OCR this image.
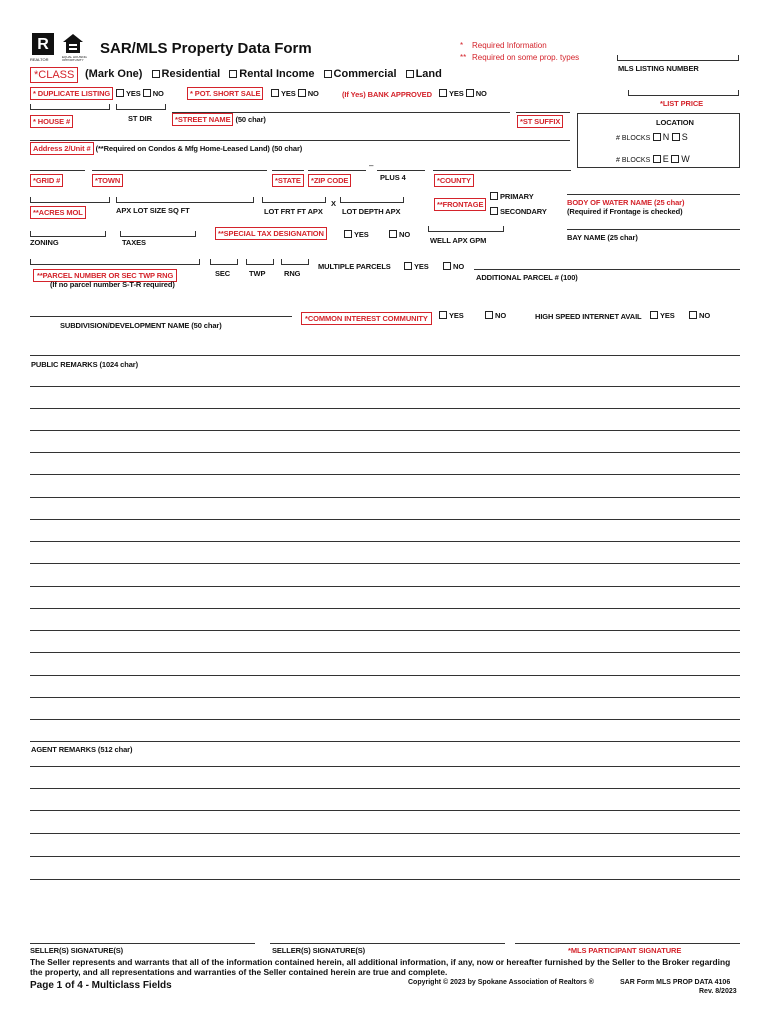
R
REALTOR	EQUAL HOUSING OPPORTUNITY
SAR/MLS Property Data Form	* Required Information
** Required on some prop. types
MLS LISTING NUMBER
*CLASS (Mark One) Residential Rental Income Commercial Land
* DUPLICATE LISTING	YES NO	* POT. SHORT SALE	YES NO	(If Yes) BANK APPROVED	YES NO
*LIST PRICE
* HOUSE #	ST DIR	*STREET NAME (50 char)	*ST SUFFIX	LOCATION
# BLOCKS N S
# BLOCKS E W
Address 2/Unit # (**Required on Condos & Mfg Home-Leased Land) (50 char)
*GRID #	*TOWN	*STATE	*ZIP CODE
–
PLUS 4	*COUNTY
**ACRES MOL	APX LOT SIZE SQ FT	LOT FRT FT APX
X
LOT DEPTH APX
**FRONTAGE
PRIMARY
SECONDARY
BODY OF WATER NAME (25 char)
(Required if Frontage is checked)
ZONING	TAXES
**SPECIAL TAX DESIGNATION	YES	NO
WELL APX GPM	BAY NAME (25 char)
**PARCEL NUMBER OR SEC TWP RNG
(If no parcel number S-T-R required)
SEC	TWP RNG
MULTIPLE PARCELS	YES	NO
ADDITIONAL PARCEL # (100)
SUBDIVISION/DEVELOPMENT NAME (50 char)
*COMMON INTEREST COMMUNITY	YES	NO	HIGH SPEED INTERNET AVAIL	YES	NO
PUBLIC REMARKS (1024 char)
AGENT REMARKS (512 char)
SELLER(S) SIGNATURE(S)	SELLER(S) SIGNATURE(S)	*MLS PARTICIPANT SIGNATURE
The Seller represents and warrants that all of the information contained herein, all additional information, if any, now or hereafter furnished by the Seller to the Broker regarding the property, and all representations and warranties of the Seller contained herein are true and complete.
Page 1 of 4 - Multiclass Fields	Copyright © 2023 by Spokane Association of Realtors ®	SAR Form MLS PROP DATA 4106
Rev. 8/2023
